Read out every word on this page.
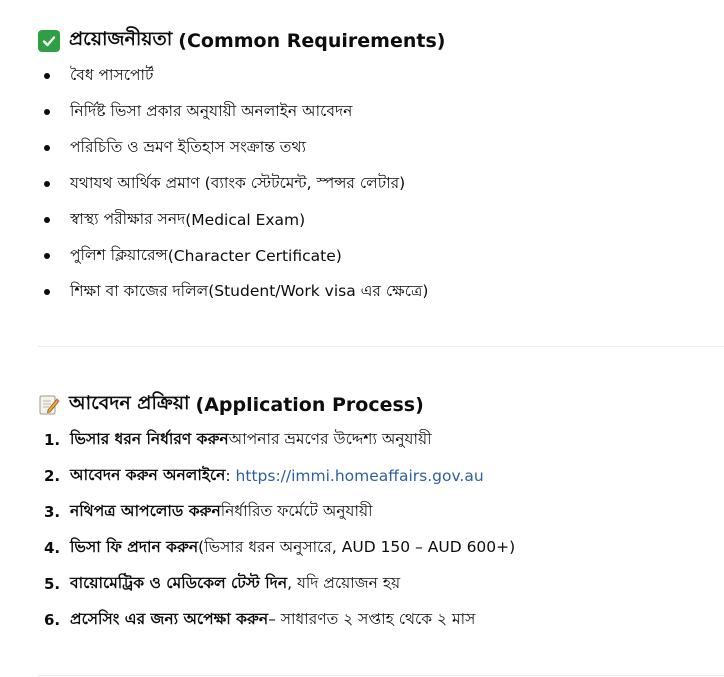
প্রয়োজনীয়তা (Common Requirements)
বৈধ পাসপোর্ট
নির্দিষ্ট ভিসা প্রকার অনুযায়ী অনলাইন আবেদন
পরিচিতি ও ভ্রমণ ইতিহাস সংক্রান্ত তথ্য
যথাযথ আর্থিক প্রমাণ (ব্যাংক স্টেটমেন্ট, স্পন্সর লেটার)
স্বাস্থ্য পরীক্ষার সনদ (Medical Exam)
পুলিশ ক্লিয়ারেন্স (Character Certificate)
শিক্ষা বা কাজের দলিল (Student/Work visa এর ক্ষেত্রে)
আবেদন প্রক্রিয়া (Application Process)
1. ভিসার ধরন নির্ধারণ করুন আপনার ভ্রমণের উদ্দেশ্য অনুযায়ী
2. আবেদন করুন অনলাইনে :
https://immi.homeaffairs.gov.au
3. নথিপত্র আপলোড করুন নির্ধারিত ফর্মেটে অনুযায়ী
4. ভিসা ফি প্রদান করুন (ভিসার ধরন অনুসারে, AUD 150 – AUD 600+)
5. বায়োমেট্রিক ও মেডিকেল টেস্ট দিন , যদি প্রয়োজন হয়
6. প্রসেসিং এর জন্য অপেক্ষা করুন – সাধারণত ২ সপ্তাহ থেকে ২ মাস
